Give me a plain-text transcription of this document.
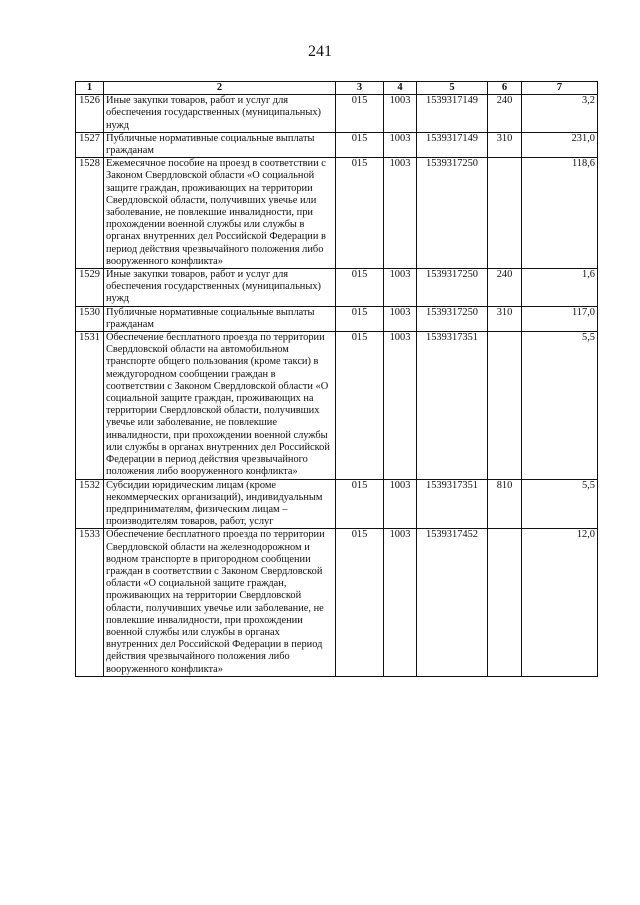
241
1	2	3	4	5	6	7
1526	Иные закупки товаров, работ и услуг для обеспечения государственных (муниципальных) нужд	015	1003	1539317149	240	3,2
1527	Публичные нормативные социальные выплаты гражданам	015	1003	1539317149	310	231,0
1528	Ежемесячное пособие на проезд в соответствии с Законом Свердловской области «О социальной защите граждан, проживающих на территории Свердловской области, получивших увечье или заболевание, не повлекшие инвалидности, при прохождении военной службы или службы в органах внутренних дел Российской Федерации в период действия чрезвычайного положения либо вооруженного конфликта»	015	1003	1539317250		118,6
1529	Иные закупки товаров, работ и услуг для обеспечения государственных (муниципальных) нужд	015	1003	1539317250	240	1,6
1530	Публичные нормативные социальные выплаты гражданам	015	1003	1539317250	310	117,0
1531	Обеспечение бесплатного проезда по территории Свердловской области на автомобильном транспорте общего пользования (кроме такси) в междугородном сообщении граждан в соответствии с Законом Свердловской области «О социальной защите граждан, проживающих на территории Свердловской области, получивших увечье или заболевание, не повлекшие инвалидности, при прохождении военной службы или службы в органах внутренних дел Российской Федерации в период действия чрезвычайного положения либо вооруженного конфликта»	015	1003	1539317351		5,5
1532	Субсидии юридическим лицам (кроме некоммерческих организаций), индивидуальным предпринимателям, физическим лицам – производителям товаров, работ, услуг	015	1003	1539317351	810	5,5
1533	Обеспечение бесплатного проезда по территории Свердловской области на железнодорожном и водном транспорте в пригородном сообщении граждан в соответствии с Законом Свердловской области «О социальной защите граждан, проживающих на территории Свердловской области, получивших увечье или заболевание, не повлекшие инвалидности, при прохождении военной службы или службы в органах внутренних дел Российской Федерации в период действия чрезвычайного положения либо вооруженного конфликта»	015	1003	1539317452		12,0
